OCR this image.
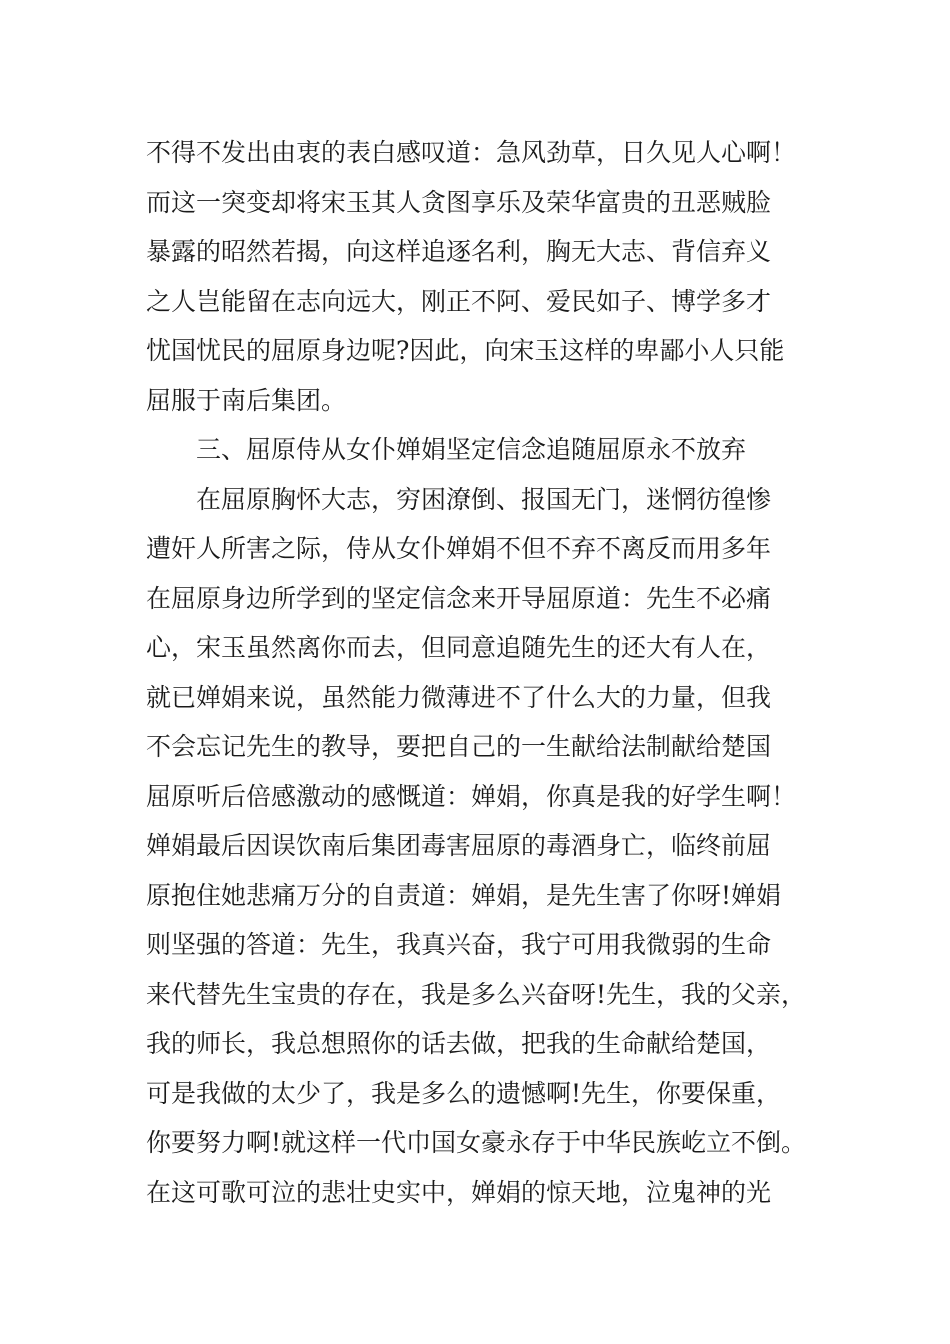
不得不发出由衷的表白感叹道：急风劲草，日久见人心啊！
而这一突变却将宋玉其人贪图享乐及荣华富贵的丑恶贼脸
暴露的昭然若揭，向这样追逐名利，胸无大志、背信弃义
之人岂能留在志向远大，刚正不阿、爱民如子、博学多才
忧国忧民的屈原身边呢?因此，向宋玉这样的卑鄙小人只能
屈服于南后集团。
三、屈原侍从女仆婵娟坚定信念追随屈原永不放弃
在屈原胸怀大志，穷困潦倒、报国无门，迷惘彷徨惨
遭奸人所害之际，侍从女仆婵娟不但不弃不离反而用多年
在屈原身边所学到的坚定信念来开导屈原道：先生不必痛
心，宋玉虽然离你而去，但同意追随先生的还大有人在，
就已婵娟来说，虽然能力微薄进不了什么大的力量，但我
不会忘记先生的教导，要把自己的一生献给法制献给楚国
屈原听后倍感激动的感慨道：婵娟，你真是我的好学生啊！
婵娟最后因误饮南后集团毒害屈原的毒酒身亡，临终前屈
原抱住她悲痛万分的自责道：婵娟，是先生害了你呀!婵娟
则坚强的答道：先生，我真兴奋，我宁可用我微弱的生命
来代替先生宝贵的存在，我是多么兴奋呀!先生，我的父亲，
我的师长，我总想照你的话去做，把我的生命献给楚国，
可是我做的太少了，我是多么的遗憾啊!先生，你要保重，
你要努力啊!就这样一代巾国女豪永存于中华民族屹立不倒。
在这可歌可泣的悲壮史实中，婵娟的惊天地，泣鬼神的光
